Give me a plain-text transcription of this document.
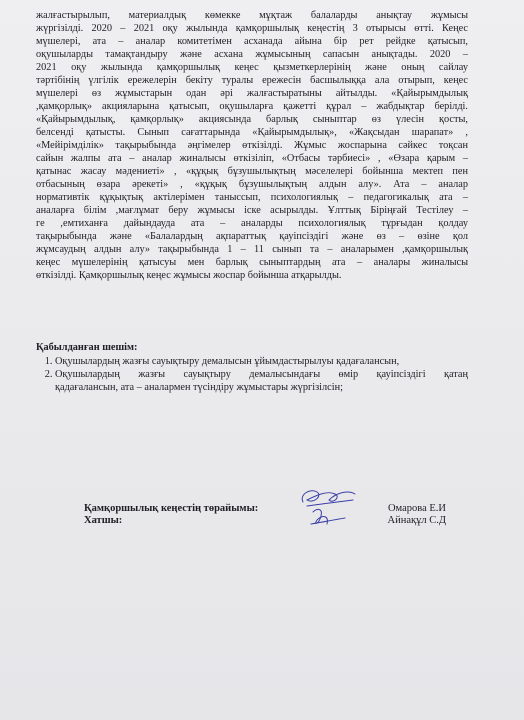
жалғастырылып, материалдық көмекке мұқтаж балаларды анықтау жұмысы
жүргізілді. 2020 – 2021 оқу жылында қамқоршылық кеңестің 3 отырысы өтті. Кеңес
мүшелері, ата – аналар комитетімен асханада айына бір рет рейдке қатысып,
оқушыларды тамақтандыру және асхана жұмысының сапасын анықтады. 2020 –
2021 оқу жылында қамқоршылық кеңес қызметкерлерінің және оның сайлау
тәртібінің үлгілік ережелерін бекіту туралы ережесін басшылыққа ала отырып, кеңес
мүшелері өз жұмыстарын одан әрі жалғастыратыны айтылды. «Қайырымдылық
,қамқорлық» акцияларына қатысып, оқушыларға қажетті құрал – жабдықтар берілді.
«Қайырымдылық, қамқорлық» акциясында барлық сыныптар өз үлесін қосты,
белсенді қатысты. Сынып сағаттарында «Қайырымдылық», «Жақсыдан шарапат» ,
«Мейірімділік» тақырыбында әңгімелер өткізілді. Жұмыс жоспарына сәйкес тоқсан
сайын жалпы ата – аналар жиналысы өткізіліп, «Отбасы тәрбиесі» , «Өзара қарым –
қатынас жасау мәдениеті» , «құқық бұзушылықтың мәселелері бойынша мектеп пен
отбасының өзара әрекеті» , «құқық бұзушылықтың алдын алу». Ата – аналар
нормативтік құқықтық актілерімен таныссып, психологиялық – педагогикалық ата –
аналарға білім ,мағлұмат беру жұмысы іске асырылды. Ұлттық Біріңғай Тестілеу –
ге ,емтиханға дайындауда ата – аналарды психологиялық тұрғыдан қолдау
тақырыбында және «Балалардың ақпараттық қауіпсіздігі және өз – өзіне қол
жұмсаудың алдын алу» тақырыбында 1 – 11 сынып та – аналарымен ,қамқоршылық
кеңес мүшелерінің қатысуы мен барлық сыныптардың ата – аналары жиналысы
өткізілді. Қамқоршылық кеңес жұмысы жоспар бойынша атқарылды.
Қабылданған шешім:
1. Оқушылардың жазғы сауықтыру демалысын ұйымдастырылуы қадағалансын,
2. Оқушылардың жазғы сауықтыру демалысындағы өмір қауіпсіздігі қатаң
қадағалансын, ата – аналармен түсіндіру жұмыстары жүргізілсін;
Қамқоршылық кеңестің төрайымы:	Омарова Е.И
Хатшы:	Айнақұл С.Д
